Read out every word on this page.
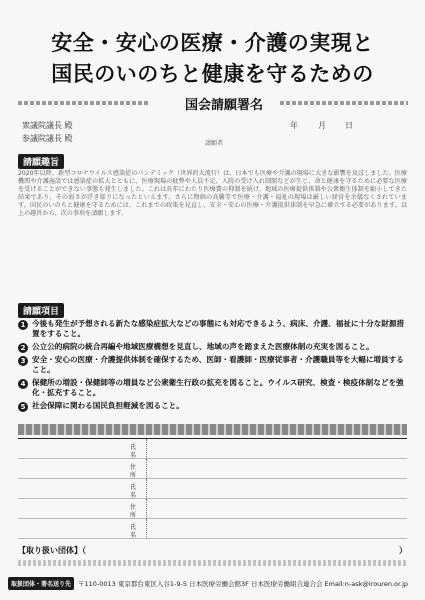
安全・安心の医療・介護の実現と
国民のいのちと健康を守るための
国会請願署名
衆議院議長 殿
参議院議長 殿
年	月 日
請願者
請願趣旨
2020年以降、新型コロナウイルス感染症のパンデミック（世界的大流行）は、日本でも医療や介護の現場に大きな影響を及ぼしました。医療機関や介護施設では感染症の拡大とともに、医療現場の疲弊や人員不足、入院の受け入れ制限などが生じ、命と健康を守るために必要な医療を受けることができない事態も発生しました。これは長年にわたり医療費の抑制を続け、地域の医療提供体制や公衆衛生体制を縮小してきた結果であり、その弱さが浮き彫りになったといえます。さらに物価の高騰等で医療・介護・福祉の現場は厳しい経営を余儀なくされています。国民のいのちと健康を守るためには、これまでの政策を見直し、安全・安心の医療・介護提供体制を早急に確立する必要があります。以上の趣旨から、次の事項を請願します。
請願項目
1 今後も発生が予想される新たな感染症拡大などの事態にも対応できるよう、病床、介護、福祉に十分な財源措置をすること。
2 公立公的病院の統合再編や地域医療構想を見直し、地域の声を踏まえた医療体制の充実を図ること。
3 安全・安心の医療・介護提供体制を確保するため、医師・看護師・医療従事者・介護職員等を大幅に増員すること。
4 保健所の増設・保健師等の増員など公衆衛生行政の拡充を図ること。ウイルス研究、検査・検疫体制などを強化・拡充すること。
5 社会保障に関わる国民負担軽減を図ること。
氏
名
住
所
氏
名
住
所
氏
名
【取り扱い団体】（	）
取扱団体・署名送り先	〒110-0013 東京都台東区入谷1-9-5 日本医療労働会館3F 日本医療労働組合連合会 Email:n-ask@irouren.or.jp
